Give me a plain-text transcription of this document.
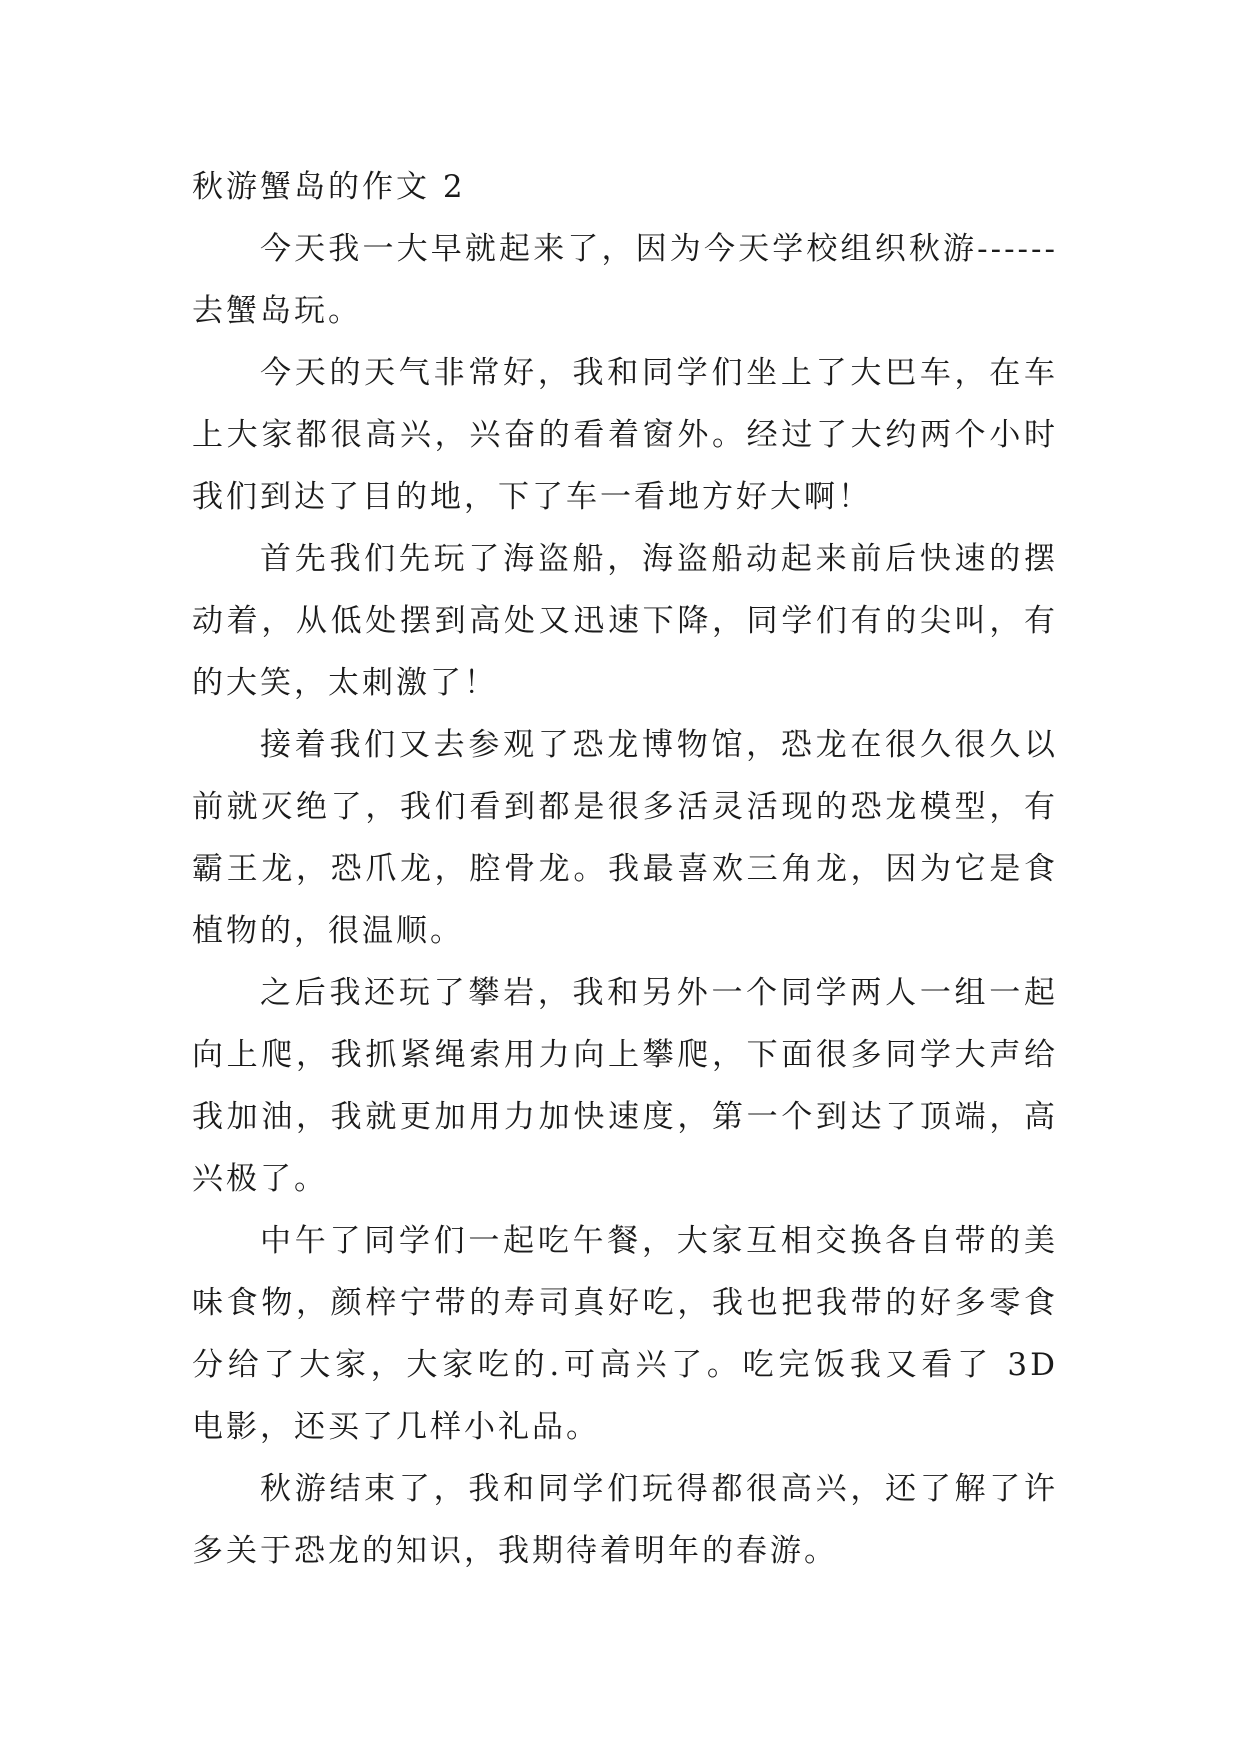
秋游蟹岛的作文 2

今天我一大早就起来了，因为今天学校组织秋游------去蟹岛玩。

今天的天气非常好，我和同学们坐上了大巴车，在车上大家都很高兴，兴奋的看着窗外。经过了大约两个小时我们到达了目的地，下了车一看地方好大啊！

首先我们先玩了海盗船，海盗船动起来前后快速的摆动着，从低处摆到高处又迅速下降，同学们有的尖叫，有的大笑，太刺激了！

接着我们又去参观了恐龙博物馆，恐龙在很久很久以前就灭绝了，我们看到都是很多活灵活现的恐龙模型，有霸王龙，恐爪龙，腔骨龙。我最喜欢三角龙，因为它是食植物的，很温顺。

之后我还玩了攀岩，我和另外一个同学两人一组一起向上爬，我抓紧绳索用力向上攀爬，下面很多同学大声给我加油，我就更加用力加快速度，第一个到达了顶端，高兴极了。

中午了同学们一起吃午餐，大家互相交换各自带的美味食物，颜梓宁带的寿司真好吃，我也把我带的好多零食分给了大家，大家吃的.可高兴了。吃完饭我又看了 3D 电影，还买了几样小礼品。

秋游结束了，我和同学们玩得都很高兴，还了解了许多关于恐龙的知识，我期待着明年的春游。
